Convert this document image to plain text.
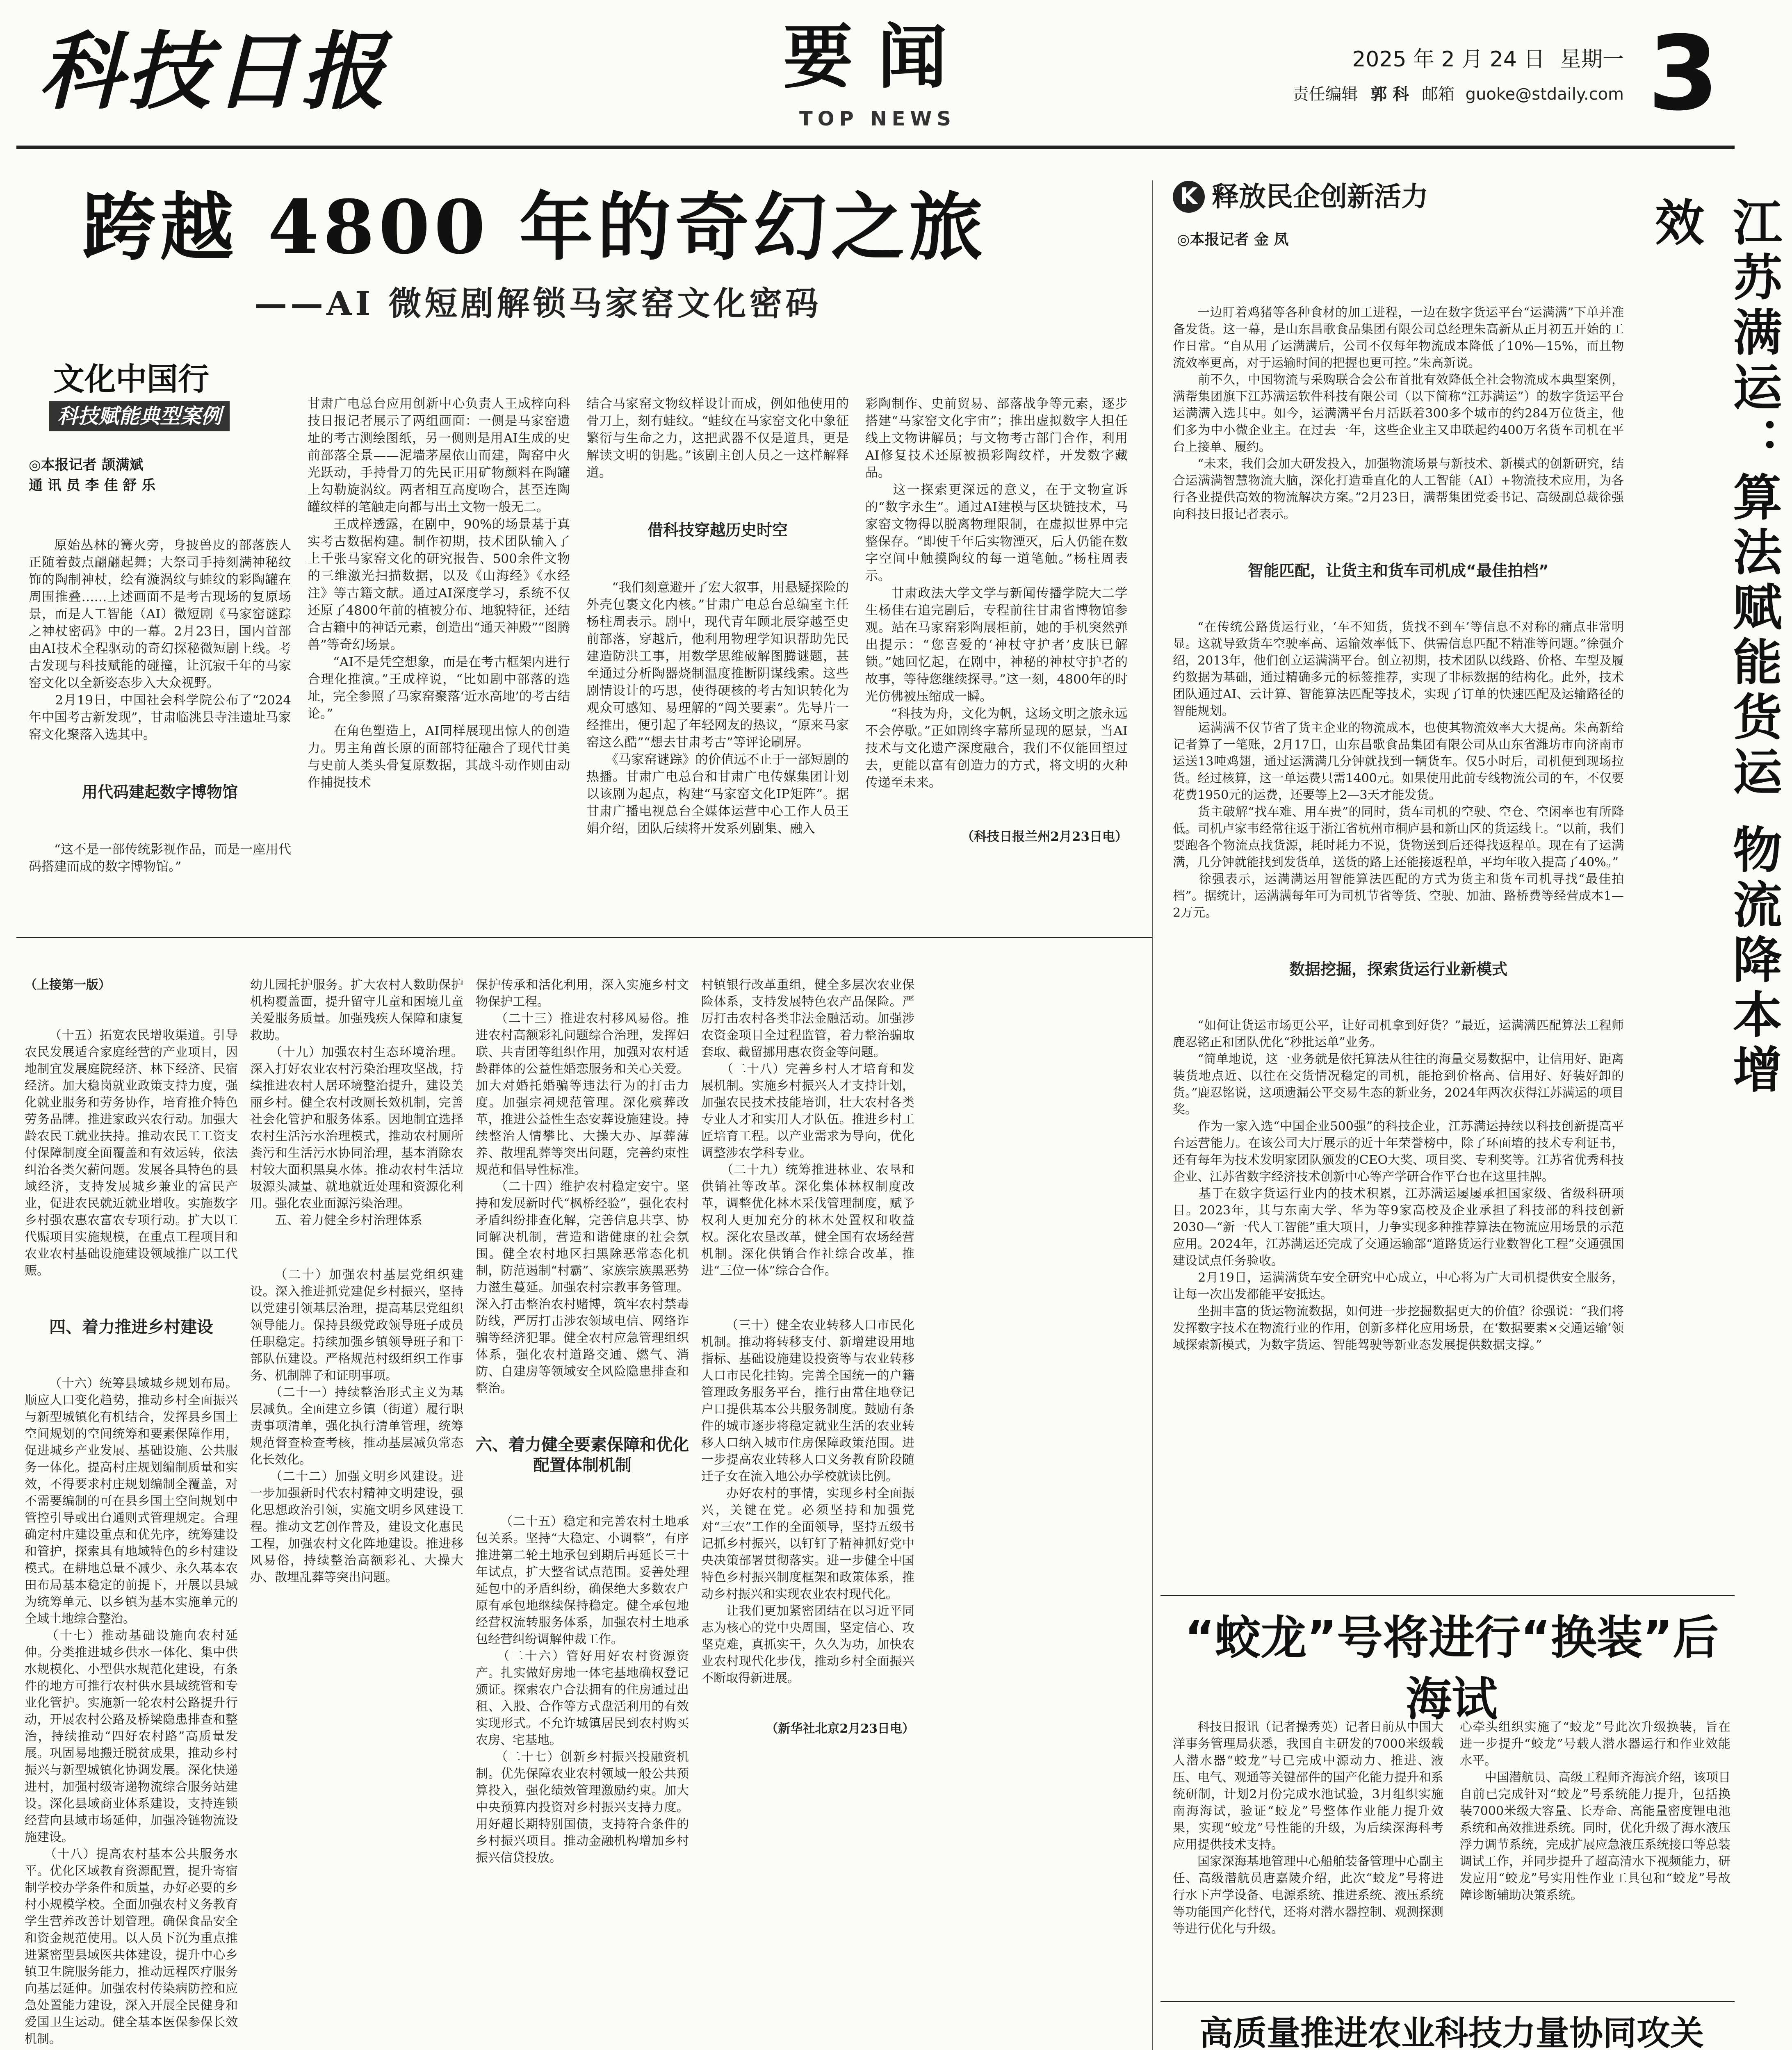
科技日报	要闻
TOP NEWS
2025 年 2 月 24 日 星期一
责任编辑 郭 科 邮箱 guoke@stdaily.com 3
跨越 4800 年的奇幻之旅
——AI 微短剧解锁马家窑文化密码
文化中国行
科技赋能典型案例
◎本报记者 颉满斌
通 讯 员 李 佳 舒 乐

原始丛林的篝火旁，身披兽皮的部落族人正随着鼓点翩翩起舞；大祭司手持刻满神秘纹饰的陶制神杖，绘有漩涡纹与蛙纹的彩陶罐在周围推叠……上述画面不是考古现场的复原场景，而是人工智能（AI）微短剧《马家窑谜踪之神杖密码》中的一幕。2月23日，国内首部由AI技术全程驱动的奇幻探秘微短剧上线。考古发现与科技赋能的碰撞，让沉寂千年的马家窑文化以全新姿态步入大众视野。
　　2月19日，中国社会科学院公布了“2024年中国考古新发现”，甘肃临洮县寺洼遗址马家窑文化聚落入选其中。

用代码建起数字博物馆

“这不是一部传统影视作品，而是一座用代码搭建而成的数字博物馆。”

甘肃广电总台应用创新中心负责人王成梓向科技日报记者展示了两组画面：一侧是马家窑遗址的考古测绘图纸，另一侧则是用AI生成的史前部落全景——泥墙茅屋依山而建，陶窑中火光跃动，手持骨刀的先民正用矿物颜料在陶罐上勾勒旋涡纹。两者相互高度吻合，甚至连陶罐纹样的笔触走向都与出土文物一般无二。
　　王成梓透露，在剧中，90%的场景基于真实考古数据构建。制作初期，技术团队输入了上千张马家窑文化的研究报告、500余件文物的三维激光扫描数据，以及《山海经》《水经注》等古籍文献。通过AI深度学习，系统不仅还原了4800年前的植被分布、地貌特征，还结合古籍中的神话元素，创造出“通天神殿”“图腾兽”等奇幻场景。
　　“AI不是凭空想象，而是在考古框架内进行合理化推演。”王成梓说，“比如剧中部落的选址，完全参照了马家窑聚落‘近水高地’的考古结论。”
　　在角色塑造上，AI同样展现出惊人的创造力。男主角酋长原的面部特征融合了现代甘美与史前人类头骨复原数据，其战斗动作则由动作捕捉技术

结合马家窑文物纹样设计而成，例如他使用的骨刀上，刻有蛙纹。“蛙纹在马家窑文化中象征繁衍与生命之力，这把武器不仅是道具，更是解读文明的钥匙。”该剧主创人员之一这样解释道。

借科技穿越历史时空

　　“我们刻意避开了宏大叙事，用悬疑探险的外壳包裹文化内核。”甘肃广电总台总编室主任杨柱周表示。剧中，现代青年顾北辰穿越至史前部落，穿越后，他利用物理学知识帮助先民建造防洪工事，用数学思维破解图腾谜题，甚至通过分析陶器烧制温度推断阴谋线索。这些剧情设计的巧思，使得硬核的考古知识转化为观众可感知、易理解的“闯关要素”。先导片一经推出，便引起了年轻网友的热议，“原来马家窑这么酷”“想去甘肃考古”等评论刷屏。
　　《马家窑谜踪》的价值远不止于一部短剧的热播。甘肃广电总台和甘肃广电传媒集团计划以该剧为起点，构建“马家窑文化IP矩阵”。据甘肃广播电视总台全媒体运营中心工作人员王娟介绍，团队后续将开发系列剧集、融入

彩陶制作、史前贸易、部落战争等元素，逐步搭建“马家窑文化宇宙”；推出虚拟数字人担任线上文物讲解员；与文物考古部门合作，利用AI修复技术还原被损彩陶纹样，开发数字藏品。
　　这一探索更深远的意义，在于文物宣诉的“数字永生”。通过AI建模与区块链技术，马家窑文物得以脱离物理限制，在虚拟世界中完整保存。“即使千年后实物湮灭，后人仍能在数字空间中触摸陶纹的每一道笔触。”杨柱周表示。
　　甘肃政法大学文学与新闻传播学院大二学生杨佳右追完剧后，专程前往甘肃省博物馆参观。站在马家窑彩陶展柜前，她的手机突然弹出提示：“您喜爱的‘神杖守护者’皮肤已解锁。”她回忆起，在剧中，神秘的神杖守护者的故事，等待您继续探寻。”这一刻，4800年的时光仿佛被压缩成一瞬。
　　“科技为舟，文化为帆，这场文明之旅永远不会停歇。”正如剧终字幕所显现的愿景，当AI技术与文化遗产深度融合，我们不仅能回望过去，更能以富有创造力的方式，将文明的火种传递至未来。

（科技日报兰州2月23日电）

（上接第一版）

（十五）拓宽农民增收渠道。引导农民发展适合家庭经营的产业项目，因地制宜发展庭院经济、林下经济、民宿经济。加大稳岗就业政策支持力度，强化就业服务和劳务协作，培育推介特色劳务品牌。推进家政兴农行动。加强大龄农民工就业扶持。推动农民工工资支付保障制度全面覆盖和有效运转，依法纠治各类欠薪问题。发展各具特色的县域经济，支持发展城乡兼业的富民产业，促进农民就近就业增收。实施数字乡村强农惠农富农专项行动。扩大以工代赈项目实施规模，在重点工程项目和农业农村基础设施建设领域推广以工代赈。

四、着力推进乡村建设

（十六）统筹县域城乡规划布局。顺应人口变化趋势，推动乡村全面振兴与新型城镇化有机结合，发挥县乡国土空间规划的空间统筹和要素保障作用，促进城乡产业发展、基础设施、公共服务一体化。提高村庄规划编制质量和实效，不得要求村庄规划编制全覆盖，对不需要编制的可在县乡国土空间规划中管控引导或出台通则式管理规定。合理确定村庄建设重点和优先序，统筹建设和管护，探索具有地域特色的乡村建设模式。在耕地总量不减少、永久基本农田布局基本稳定的前提下，开展以县域为统筹单元、以乡镇为基本实施单元的全域土地综合整治。
　　（十七）推动基础设施向农村延伸。分类推进城乡供水一体化、集中供水规模化、小型供水规范化建设，有条件的地方可推行农村供水县域统管和专业化管护。实施新一轮农村公路提升行动，开展农村公路及桥梁隐患排查和整治，持续推动“四好农村路”高质量发展。巩固易地搬迁脱贫成果，推动乡村振兴与新型城镇化协调发展。深化快递进村，加强村级寄递物流综合服务站建设。深化县域商业体系建设，支持连锁经营向县域市场延伸，加强冷链物流设施建设。
　　（十八）提高农村基本公共服务水平。优化区域教育资源配置，提升寄宿制学校办学条件和质量，办好必要的乡村小规模学校。全面加强农村义务教育学生营养改善计划管理。确保食品安全和资金规范使用。以人员下沉为重点推进紧密型县域医共体建设，提升中心乡镇卫生院服务能力，推动远程医疗服务向基层延伸。加强农村传染病防控和应急处置能力建设，深入开展全民健身和爱国卫生运动。健全基本医保参保长效机制。

幼儿园托护服务。扩大农村人数助保护机构覆盖面，提升留守儿童和困境儿童关爱服务质量。加强残疾人保障和康复救助。
　　（十九）加强农村生态环境治理。深入打好农业农村污染治理攻坚战，持续推进农村人居环境整治提升，建设美丽乡村。健全农村改厕长效机制，完善社会化管护和服务体系。因地制宜选择农村生活污水治理模式，推动农村厕所粪污和生活污水协同治理，基本消除农村较大面积黑臭水体。推动农村生活垃圾源头减量、就地就近处理和资源化利用。强化农业面源污染治理。
　　五、着力健全乡村治理体系

（二十）加强农村基层党组织建设。深入推进抓党建促乡村振兴，坚持以党建引领基层治理，提高基层党组织领导能力。保持县级党政领导班子成员任职稳定。持续加强乡镇领导班子和干部队伍建设。严格规范村级组织工作事务、机制牌子和证明事项。
　　（二十一）持续整治形式主义为基层减负。全面建立乡镇（街道）履行职责事项清单，强化执行清单管理，统筹规范督查检查考核，推动基层减负常态化长效化。
　　（二十二）加强文明乡风建设。进一步加强新时代农村精神文明建设，强化思想政治引领，实施文明乡风建设工程。推动文艺创作普及，建设文化惠民工程，加强农村文化阵地建设。推进移风易俗，持续整治高额彩礼、大操大办、散埋乱葬等突出问题。

保护传承和活化利用，深入实施乡村文物保护工程。
　　（二十三）推进农村移风易俗。推进农村高额彩礼问题综合治理，发挥妇联、共青团等组织作用，加强对农村适龄群体的公益性婚恋服务和关心关爱。加大对婚托婚骗等违法行为的打击力度。加强宗祠规范管理。深化殡葬改革，推进公益性生态安葬设施建设。持续整治人情攀比、大操大办、厚葬薄养、散埋乱葬等突出问题，完善约束性规范和倡导性标准。
　　（二十四）维护农村稳定安宁。坚持和发展新时代“枫桥经验”，强化农村矛盾纠纷排查化解，完善信息共享、协同解决机制，营造和谐健康的社会氛围。健全农村地区扫黑除恶常态化机制，防范遏制“村霸”、家族宗族黑恶势力滋生蔓延。加强农村宗教事务管理。深入打击整治农村赌博，筑牢农村禁毒防线，严厉打击涉农领域电信、网络诈骗等经济犯罪。健全农村应急管理组织体系，强化农村道路交通、燃气、消防、自建房等领域安全风险隐患排查和整治。

六、着力健全要素保障和优化配置体制机制

（二十五）稳定和完善农村土地承包关系。坚持“大稳定、小调整”，有序推进第二轮土地承包到期后再延长三十年试点，扩大整省试点范围。妥善处理延包中的矛盾纠纷，确保绝大多数农户原有承包地继续保持稳定。健全承包地经营权流转服务体系，加强农村土地承包经营纠纷调解仲裁工作。
　　（二十六）管好用好农村资源资产。扎实做好房地一体宅基地确权登记颁证。探索农户合法拥有的住房通过出租、入股、合作等方式盘活利用的有效实现形式。不允许城镇居民到农村购买农房、宅基地。
　　（二十七）创新乡村振兴投融资机制。优先保障农业农村领域一般公共预算投入，强化绩效管理激励约束。加大中央预算内投资对乡村振兴支持力度。用好超长期特别国债，支持符合条件的乡村振兴项目。推动金融机构增加乡村振兴信贷投放。

村镇银行改革重组，健全多层次农业保险体系，支持发展特色农产品保险。严厉打击农村各类非法金融活动。加强涉农资金项目全过程监管，着力整治骗取套取、截留挪用惠农资金等问题。
　　（二十八）完善乡村人才培育和发展机制。实施乡村振兴人才支持计划，加强农民技术技能培训，壮大农村各类专业人才和实用人才队伍。推进乡村工匠培育工程。以产业需求为导向，优化调整涉农学科专业。
　　（二十九）统筹推进林业、农垦和供销社等改革。深化集体林权制度改革，调整优化林木采伐管理制度，赋予权利人更加充分的林木处置权和收益权。深化农垦改革，健全国有农场经营机制。深化供销合作社综合改革，推进“三位一体”综合合作。

（三十）健全农业转移人口市民化机制。推动将转移支付、新增建设用地指标、基础设施建设投资等与农业转移人口市民化挂钩。完善全国统一的户籍管理政务服务平台，推行由常住地登记户口提供基本公共服务制度。鼓励有条件的城市逐步将稳定就业生活的农业转移人口纳入城市住房保障政策范围。进一步提高农业转移人口义务教育阶段随迁子女在流入地公办学校就读比例。
　　办好农村的事情，实现乡村全面振兴，关键在党。必须坚持和加强党对“三农”工作的全面领导，坚持五级书记抓乡村振兴，以钉钉子精神抓好党中央决策部署贯彻落实。进一步健全中国特色乡村振兴制度框架和政策体系，推动乡村振兴和实现农业农村现代化。
　　让我们更加紧密团结在以习近平同志为核心的党中央周围，坚定信心、攻坚克难，真抓实干，久久为功，加快农业农村现代化步伐，推动乡村全面振兴不断取得新进展。

（新华社北京2月23日电）

K 释放民企创新活力
◎本报记者 金 凤	江苏满运：算法赋能货运 物流降本增效

一边盯着鸡猪等各种食材的加工进程，一边在数字货运平台“运满满”下单并准备发货。这一幕，是山东昌歌食品集团有限公司总经理朱高新从正月初五开始的工作日常。“自从用了运满满后，公司不仅每年物流成本降低了10%—15%，而且物流效率更高，对于运输时间的把握也更可控。”朱高新说。
　　前不久，中国物流与采购联合会公布首批有效降低全社会物流成本典型案例，满帮集团旗下江苏满运软件科技有限公司（以下简称“江苏满运”）的数字货运平台运满满入选其中。如今，运满满平台月活跃着300多个城市的约284万位货主，他们多为中小微企业主。在过去一年，这些企业主又串联起约400万名货车司机在平台上接单、履约。
　　“未来，我们会加大研发投入，加强物流场景与新技术、新模式的创新研究，结合运满满智慧物流大脑，深化打造垂直化的人工智能（AI）+物流技术应用，为各行各业提供高效的物流解决方案。”2月23日，满帮集团党委书记、高级副总裁徐强向科技日报记者表示。

智能匹配，让货主和货车司机成“最佳拍档”

“在传统公路货运行业，‘车不知货，货找不到车’等信息不对称的痛点非常明显。这就导致货车空驶率高、运输效率低下、供需信息匹配不精准等问题。”徐强介绍，2013年，他们创立运满满平台。创立初期，技术团队以线路、价格、车型及履约数据为基础，通过精确多元的标签推荐，实现了非标数据的结构化。此外，技术团队通过AI、云计算、智能算法匹配等技术，实现了订单的快速匹配及运输路径的智能规划。
　　运满满不仅节省了货主企业的物流成本，也使其物流效率大大提高。朱高新给记者算了一笔账，2月17日，山东昌歌食品集团有限公司从山东省潍坊市向济南市运送13吨鸡翅，通过运满满几分钟就找到一辆货车。仅5小时后，司机便到现场拉货。经过核算，这一单运费只需1400元。如果使用此前专线物流公司的车，不仅要花费1950元的运费，还要等上2—3天才能发货。
　　货主破解“找车难、用车贵”的同时，货车司机的空驶、空仓、空闲率也有所降低。司机卢家韦经常往返于浙江省杭州市桐庐县和新山区的货运线上。“以前，我们要跑各个物流点找货源，耗时耗力不说，货物送到后还得找返程单。现在有了运满满，几分钟就能找到发货单，送货的路上还能接返程单，平均年收入提高了40%。”
　　徐强表示，运满满运用智能算法匹配的方式为货主和货车司机寻找“最佳拍档”。据统计，运满满每年可为司机节省等货、空驶、加油、路桥费等经营成本1—2万元。

数据挖掘，探索货运行业新模式

“如何让货运市场更公平，让好司机拿到好货？”最近，运满满匹配算法工程师鹿忍铭正和团队优化“秒批运单”业务。
　　“简单地说，这一业务就是依托算法从往往的海量交易数据中，让信用好、距离装货地点近、以往在交货情况稳定的司机，能抢到价格高、信用好、好装好卸的货。”鹿忍铭说，这项遗漏公平交易生态的新业务，2024年两次获得江苏满运的项目奖。
　　作为一家入选“中国企业500强”的科技企业，江苏满运持续以科技创新提高平台运营能力。在该公司大厅展示的近十年荣誉榜中，除了环面墙的技术专利证书，还有每年为技术发明家团队颁发的CEO大奖、项目奖、专利奖等。江苏省优秀科技企业、江苏省数字经济技术创新中心等产学研合作平台也在这里挂牌。
　　基于在数字货运行业内的技术积累，江苏满运屡屡承担国家级、省级科研项目。2023年，其与东南大学、华为等9家高校及企业承担了科技部的科技创新2030—“新一代人工智能”重大项目，力争实现多种推荐算法在物流应用场景的示范应用。2024年，江苏满运还完成了交通运输部“道路货运行业数智化工程”交通强国建设试点任务验收。
　　2月19日，运满满货车安全研究中心成立，中心将为广大司机提供安全服务，让每一次出发都能平安抵达。
　　坐拥丰富的货运物流数据，如何进一步挖掘数据更大的价值？徐强说：“我们将发挥数字技术在物流行业的作用，创新多样化应用场景，在‘数据要素×交通运输’领域探索新模式，为数字货运、智能驾驶等新业态发展提供数据支撑。”

“蛟龙”号将进行“换装”后海试

科技日报讯（记者操秀英）记者日前从中国大洋事务管理局获悉，我国自主研发的7000米级载人潜水器“蛟龙”号已完成中源动力、推进、液压、电气、观通等关键部件的国产化能力提升和系统研制，计划2月份完成水池试验，3月组织实施南海海试，验证“蛟龙”号整体作业能力提升效果，实现“蛟龙”号性能的升级，为后续深海科考应用提供技术支持。
　　国家深海基地管理中心船舶装备管理中心副主任、高级潜航员唐嘉陵介绍，此次“蛟龙”号将进行水下声学设备、电源系统、推进系统、液压系统等功能国产化替代，还将对潜水器控制、观测探测等进行优化与升级。

心牵头组织实施了“蛟龙”号此次升级换装，旨在进一步提升“蛟龙”号载人潜水器运行和作业效能水平。
　　中国潜航员、高级工程师齐海滨介绍，该项目自前已完成针对“蛟龙”号系统能力提升，包括换装7000米级大容量、长寿命、高能量密度锂电池系统和高效推进系统。同时，优化升级了海水液压浮力调节系统，完成扩展应急液压系统接口等总装调试工作，并同步提升了超高清水下视频能力，研发应用“蛟龙”号实用性作业工具包和“蛟龙”号故障诊断辅助决策系统。

高质量推进农业科技力量协同攻关
